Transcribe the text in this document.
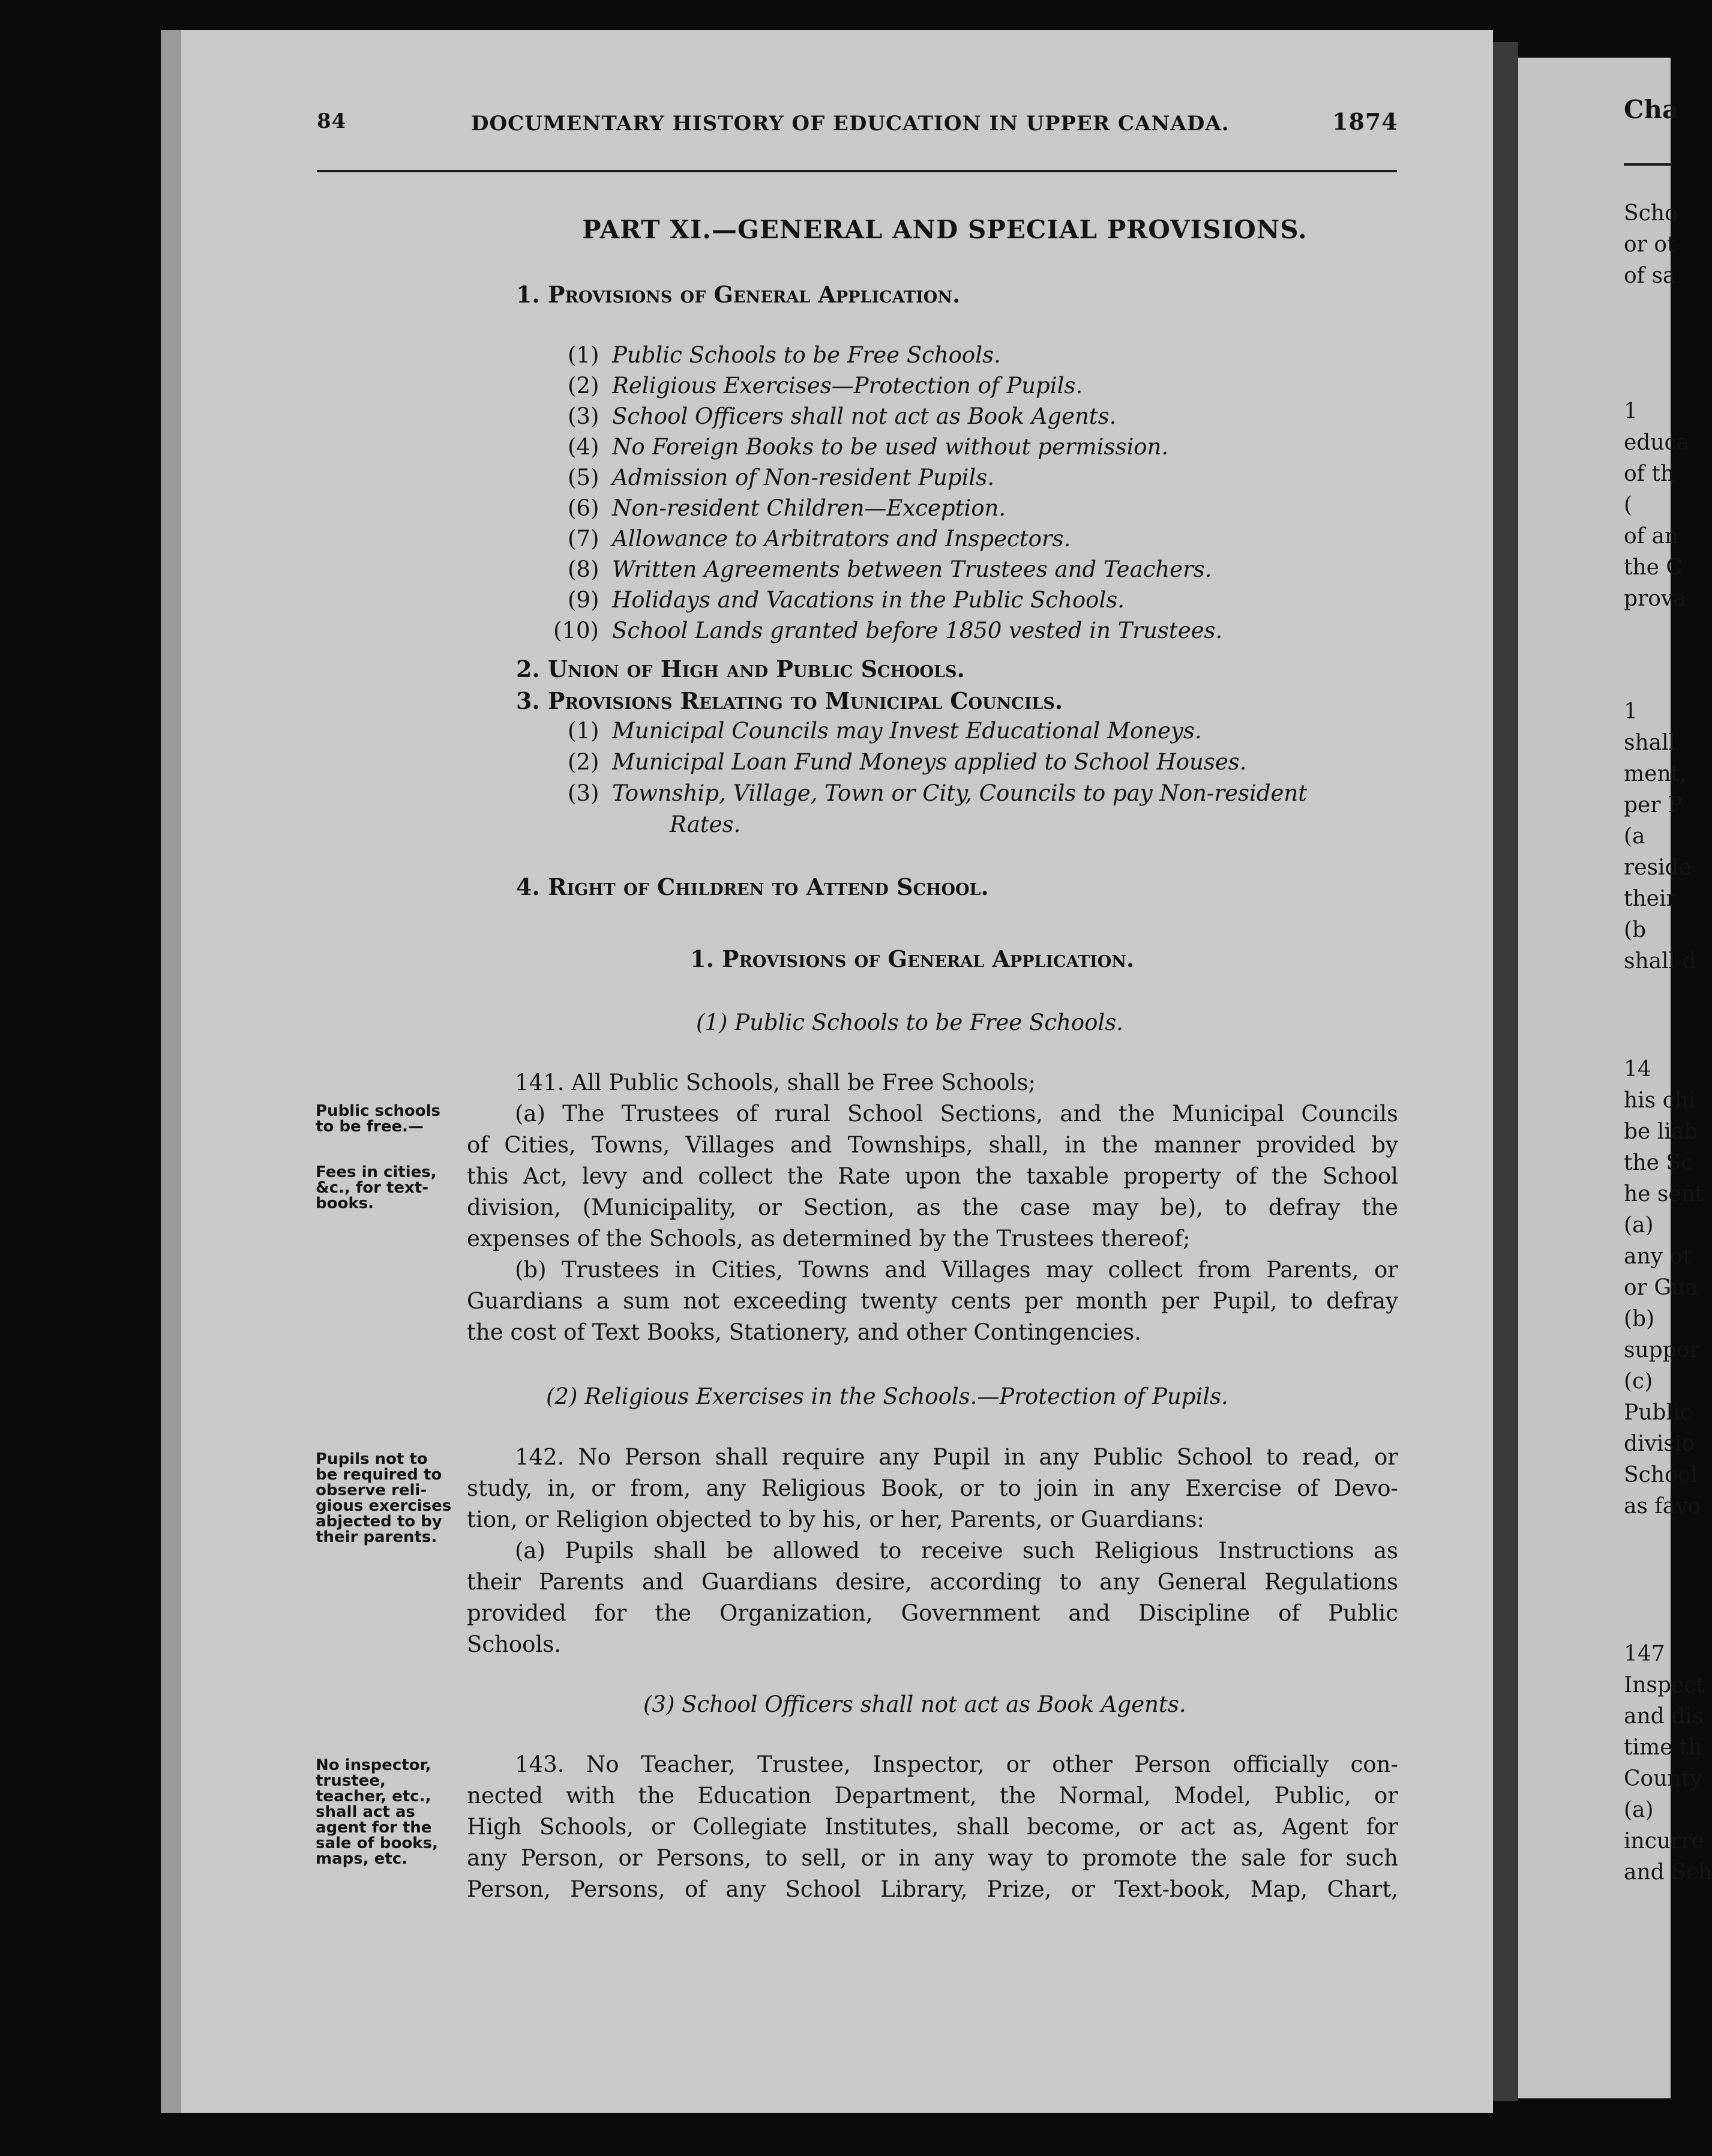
84	DOCUMENTARY HISTORY OF EDUCATION IN UPPER CANADA.	1874
PART XI.—GENERAL AND SPECIAL PROVISIONS.
1. Provisions of General Application.
(1) Public Schools to be Free Schools.
(2) Religious Exercises—Protection of Pupils.
(3) School Officers shall not act as Book Agents.
(4) No Foreign Books to be used without permission.
(5) Admission of Non-resident Pupils.
(6) Non-resident Children—Exception.
(7) Allowance to Arbitrators and Inspectors.
(8) Written Agreements between Trustees and Teachers.
(9) Holidays and Vacations in the Public Schools.
(10) School Lands granted before 1850 vested in Trustees.
2. Union of High and Public Schools.
3. Provisions Relating to Municipal Councils.
(1) Municipal Councils may Invest Educational Moneys.
(2) Municipal Loan Fund Moneys applied to School Houses.
(3) Township, Village, Town or City, Councils to pay Non-resident
Rates.
4. Right of Children to Attend School.
1. Provisions of General Application.
(1) Public Schools to be Free Schools.
141. All Public Schools, shall be Free Schools;
(a) The Trustees of rural School Sections, and the Municipal Councils
of Cities, Towns, Villages and Townships, shall, in the manner provided by
this Act, levy and collect the Rate upon the taxable property of the School
division, (Municipality, or Section, as the case may be), to defray the
expenses of the Schools, as determined by the Trustees thereof;
(b) Trustees in Cities, Towns and Villages may collect from Parents, or
Guardians a sum not exceeding twenty cents per month per Pupil, to defray
the cost of Text Books, Stationery, and other Contingencies.
Public schools
to be free.—
Fees in cities,
&c., for text-
books.
(2) Religious Exercises in the Schools.—Protection of Pupils.
142. No Person shall require any Pupil in any Public School to read, or
study, in, or from, any Religious Book, or to join in any Exercise of Devo-
tion, or Religion objected to by his, or her, Parents, or Guardians:
(a) Pupils shall be allowed to receive such Religious Instructions as
their Parents and Guardians desire, according to any General Regulations
provided for the Organization, Government and Discipline of Public
Schools.
Pupils not to
be required to
observe reli-
gious exercises
abjected to by
their parents.
(3) School Officers shall not act as Book Agents.
143. No Teacher, Trustee, Inspector, or other Person officially con-
nected with the Education Department, the Normal, Model, Public, or
High Schools, or Collegiate Institutes, shall become, or act as, Agent for
any Person, or Persons, to sell, or in any way to promote the sale for such
Person, Persons, of any School Library, Prize, or Text-book, Map, Chart,
No inspector,
trustee,
teacher, etc.,
shall act as
agent for the
sale of books,
maps, etc.
Cha
Scho
or ot
of sa
1
educa
of th
(
of an
the C
prova
1
shall
ment,
per P
(a
reside
their
(b
shall d
14
his chi
be liab
the Sc
he sent
(a)
any ot
or Gua
(b)
suppor
(c)
Public
divisio
School
as favo
147
Inspect
and dis
time th
County
(a)
incurre
and Sch
